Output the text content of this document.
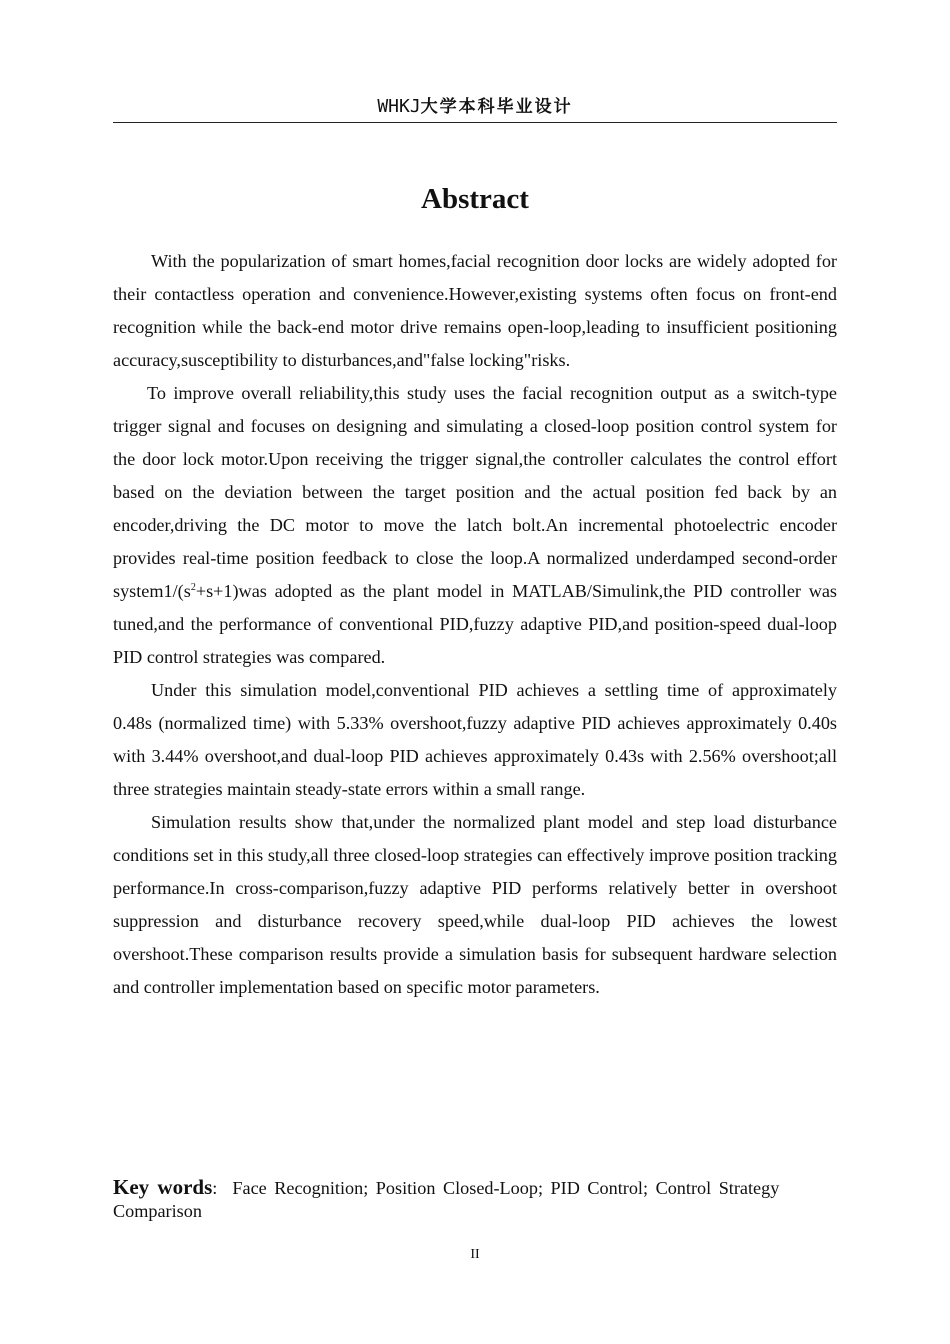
WHKJ大学本科毕业设计
Abstract

With the popularization of smart homes,facial recognition door locks are widely adopted for their contactless operation and convenience.However,existing systems often focus on front-end recognition while the back-end motor drive remains open-loop,leading to insufficient positioning accuracy,susceptibility to disturbances,and"false locking"risks.

To improve overall reliability,this study uses the facial recognition output as a switch-type trigger signal and focuses on designing and simulating a closed-loop position control system for the door lock motor.Upon receiving the trigger signal,the controller calculates the control effort based on the deviation between the target position and the actual position fed back by an encoder,driving the DC motor to move the latch bolt.An incremental photoelectric encoder provides real-time position feedback to close the loop.A normalized underdamped second-order $system1/(s^2+s+1)was$ adopted as the plant model in MATLAB/Simulink,the PID controller was tuned,and the performance of conventional PID,fuzzy adaptive PID,and position-speed dual-loop PID control strategies was compared.

Under this simulation model,conventional PID achieves a settling time of approximately 0.48s (normalized time) with 5.33% overshoot,fuzzy adaptive PID achieves approximately 0.40s with 3.44% overshoot,and dual-loop PID achieves approximately 0.43s with 2.56% overshoot;all three strategies maintain steady-state errors within a small range.

Simulation results show that,under the normalized plant model and step load disturbance conditions set in this study,all three closed-loop strategies can effectively improve position tracking performance.In cross-comparison,fuzzy adaptive PID performs relatively better in overshoot suppression and disturbance recovery speed,while dual-loop PID achieves the lowest overshoot.These comparison results provide a simulation basis for subsequent hardware selection and controller implementation based on specific motor parameters.

Key words: Face Recognition; Position Closed-Loop; PID Control; Control Strategy Comparison
II
